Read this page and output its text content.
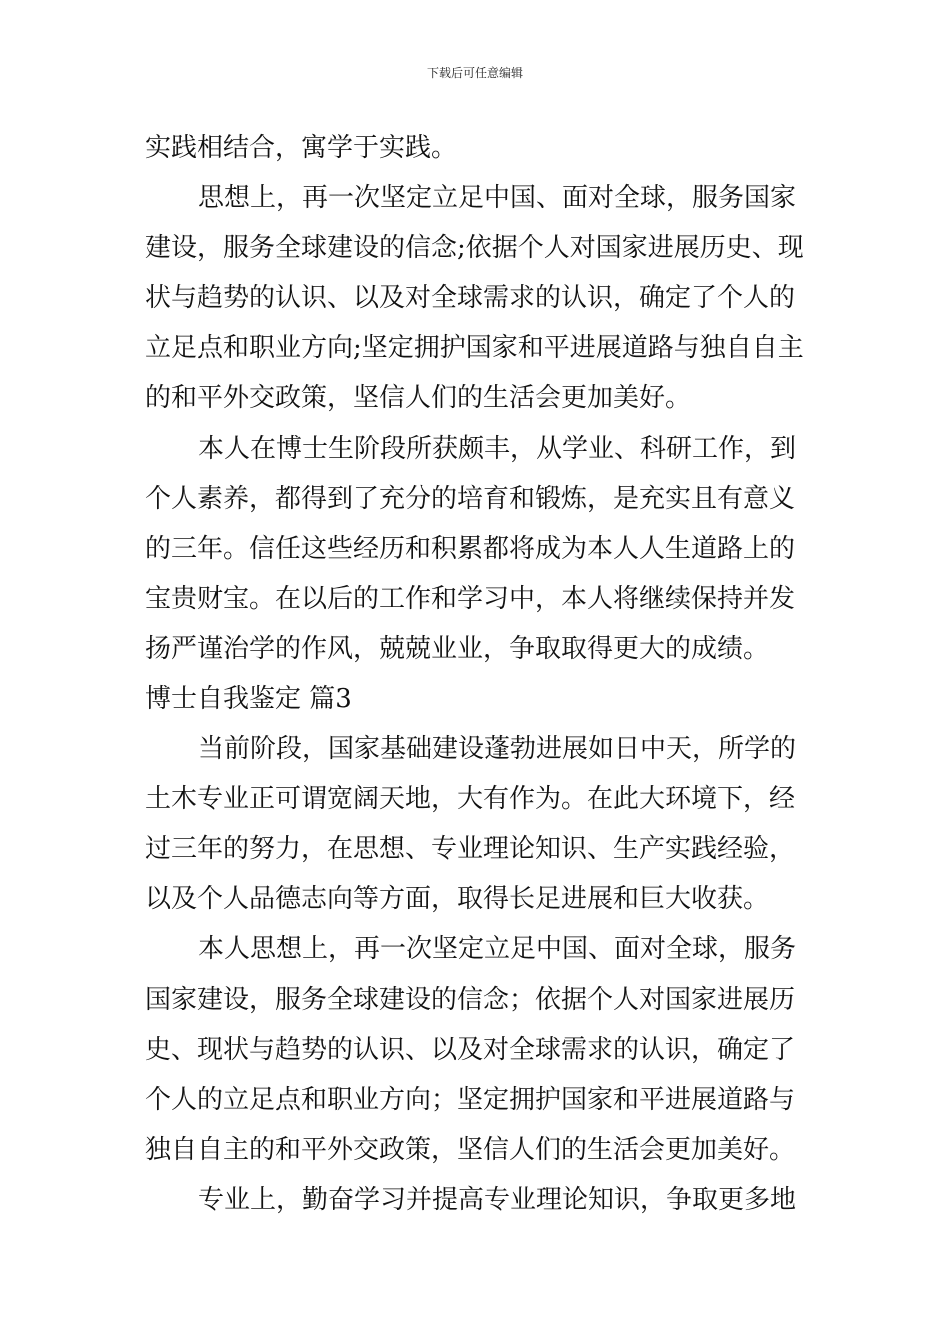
下载后可任意编辑
实践相结合，寓学于实践。
思想上，再一次坚定立足中国、面对全球，服务国家
建设，服务全球建设的信念;依据个人对国家进展历史、现
状与趋势的认识、以及对全球需求的认识，确定了个人的
立足点和职业方向;坚定拥护国家和平进展道路与独自自主
的和平外交政策，坚信人们的生活会更加美好。
本人在博士生阶段所获颇丰，从学业、科研工作，到
个人素养，都得到了充分的培育和锻炼，是充实且有意义
的三年。信任这些经历和积累都将成为本人人生道路上的
宝贵财宝。在以后的工作和学习中，本人将继续保持并发
扬严谨治学的作风，兢兢业业，争取取得更大的成绩。
博士自我鉴定 篇3
当前阶段，国家基础建设蓬勃进展如日中天，所学的
土木专业正可谓宽阔天地，大有作为。在此大环境下，经
过三年的努力，在思想、专业理论知识、生产实践经验，
以及个人品德志向等方面，取得长足进展和巨大收获。
本人思想上，再一次坚定立足中国、面对全球，服务
国家建设，服务全球建设的信念；依据个人对国家进展历
史、现状与趋势的认识、以及对全球需求的认识，确定了
个人的立足点和职业方向；坚定拥护国家和平进展道路与
独自自主的和平外交政策，坚信人们的生活会更加美好。
专业上，勤奋学习并提高专业理论知识，争取更多地
